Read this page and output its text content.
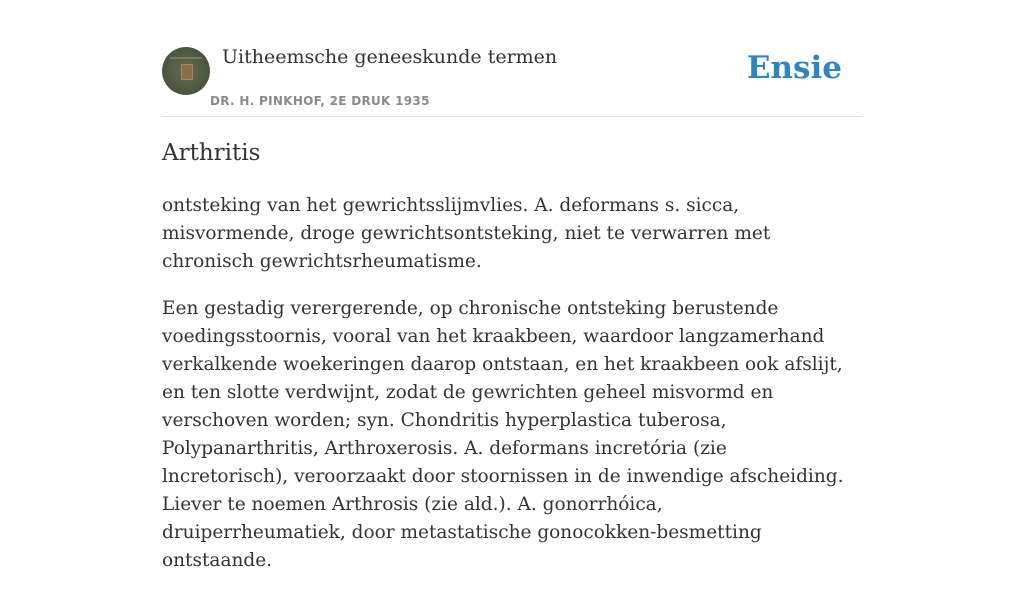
Uitheemsche geneeskunde termen
DR. H. PINKHOF, 2E DRUK 1935
Ensie
Arthritis

ontsteking van het gewrichtsslijmvlies. A. deformans s. sicca, misvormende, droge gewrichtsontsteking, niet te verwarren met chronisch gewrichtsrheumatisme.

Een gestadig verergerende, op chronische ontsteking berustende voedingsstoornis, vooral van het kraakbeen, waardoor langzamerhand verkalkende woekeringen daarop ontstaan, en het kraakbeen ook afslijt, en ten slotte verdwijnt, zodat de gewrichten geheel misvormd en verschoven worden; syn. Chondritis hyperplastica tuberosa, Polypanarthritis, Arthroxerosis. A. deformans incretória (zie lncretorisch), veroorzaakt door stoornissen in de inwendige afscheiding. Liever te noemen Arthrosis (zie ald.). A. gonorrhóica, druiperrheumatiek, door metastatische gonocokken-besmetting ontstaande.
